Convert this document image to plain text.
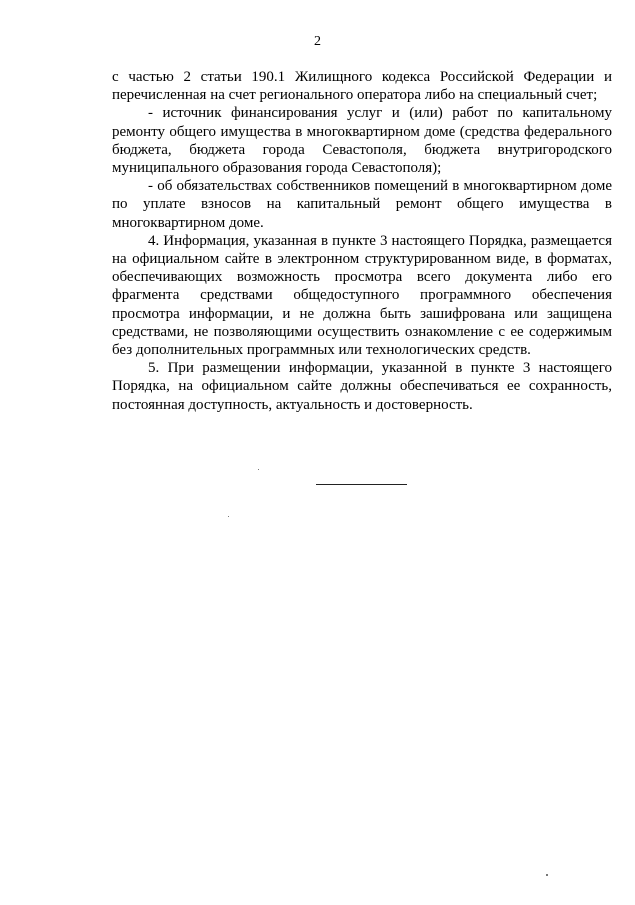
2

с частью 2 статьи 190.1 Жилищного кодекса Российской Федерации и перечисленная на счет регионального оператора либо на специальный счет;

- источник финансирования услуг и (или) работ по капитальному ремонту общего имущества в многоквартирном доме (средства федерального бюджета, бюджета города Севастополя, бюджета внутригородского муниципального образования города Севастополя);

- об обязательствах собственников помещений в многоквартирном доме по уплате взносов на капитальный ремонт общего имущества в многоквартирном доме.

4. Информация, указанная в пункте 3 настоящего Порядка, размещается на официальном сайте в электронном структурированном виде, в форматах, обеспечивающих возможность просмотра всего документа либо его фрагмента средствами общедоступного программного обеспечения просмотра информации, и не должна быть зашифрована или защищена средствами, не позволяющими осуществить ознакомление с ее содержимым без дополнительных программных или технологических средств.

5. При размещении информации, указанной в пункте 3 настоящего Порядка, на официальном сайте должны обеспечиваться ее сохранность, постоянная доступность, актуальность и достоверность.
